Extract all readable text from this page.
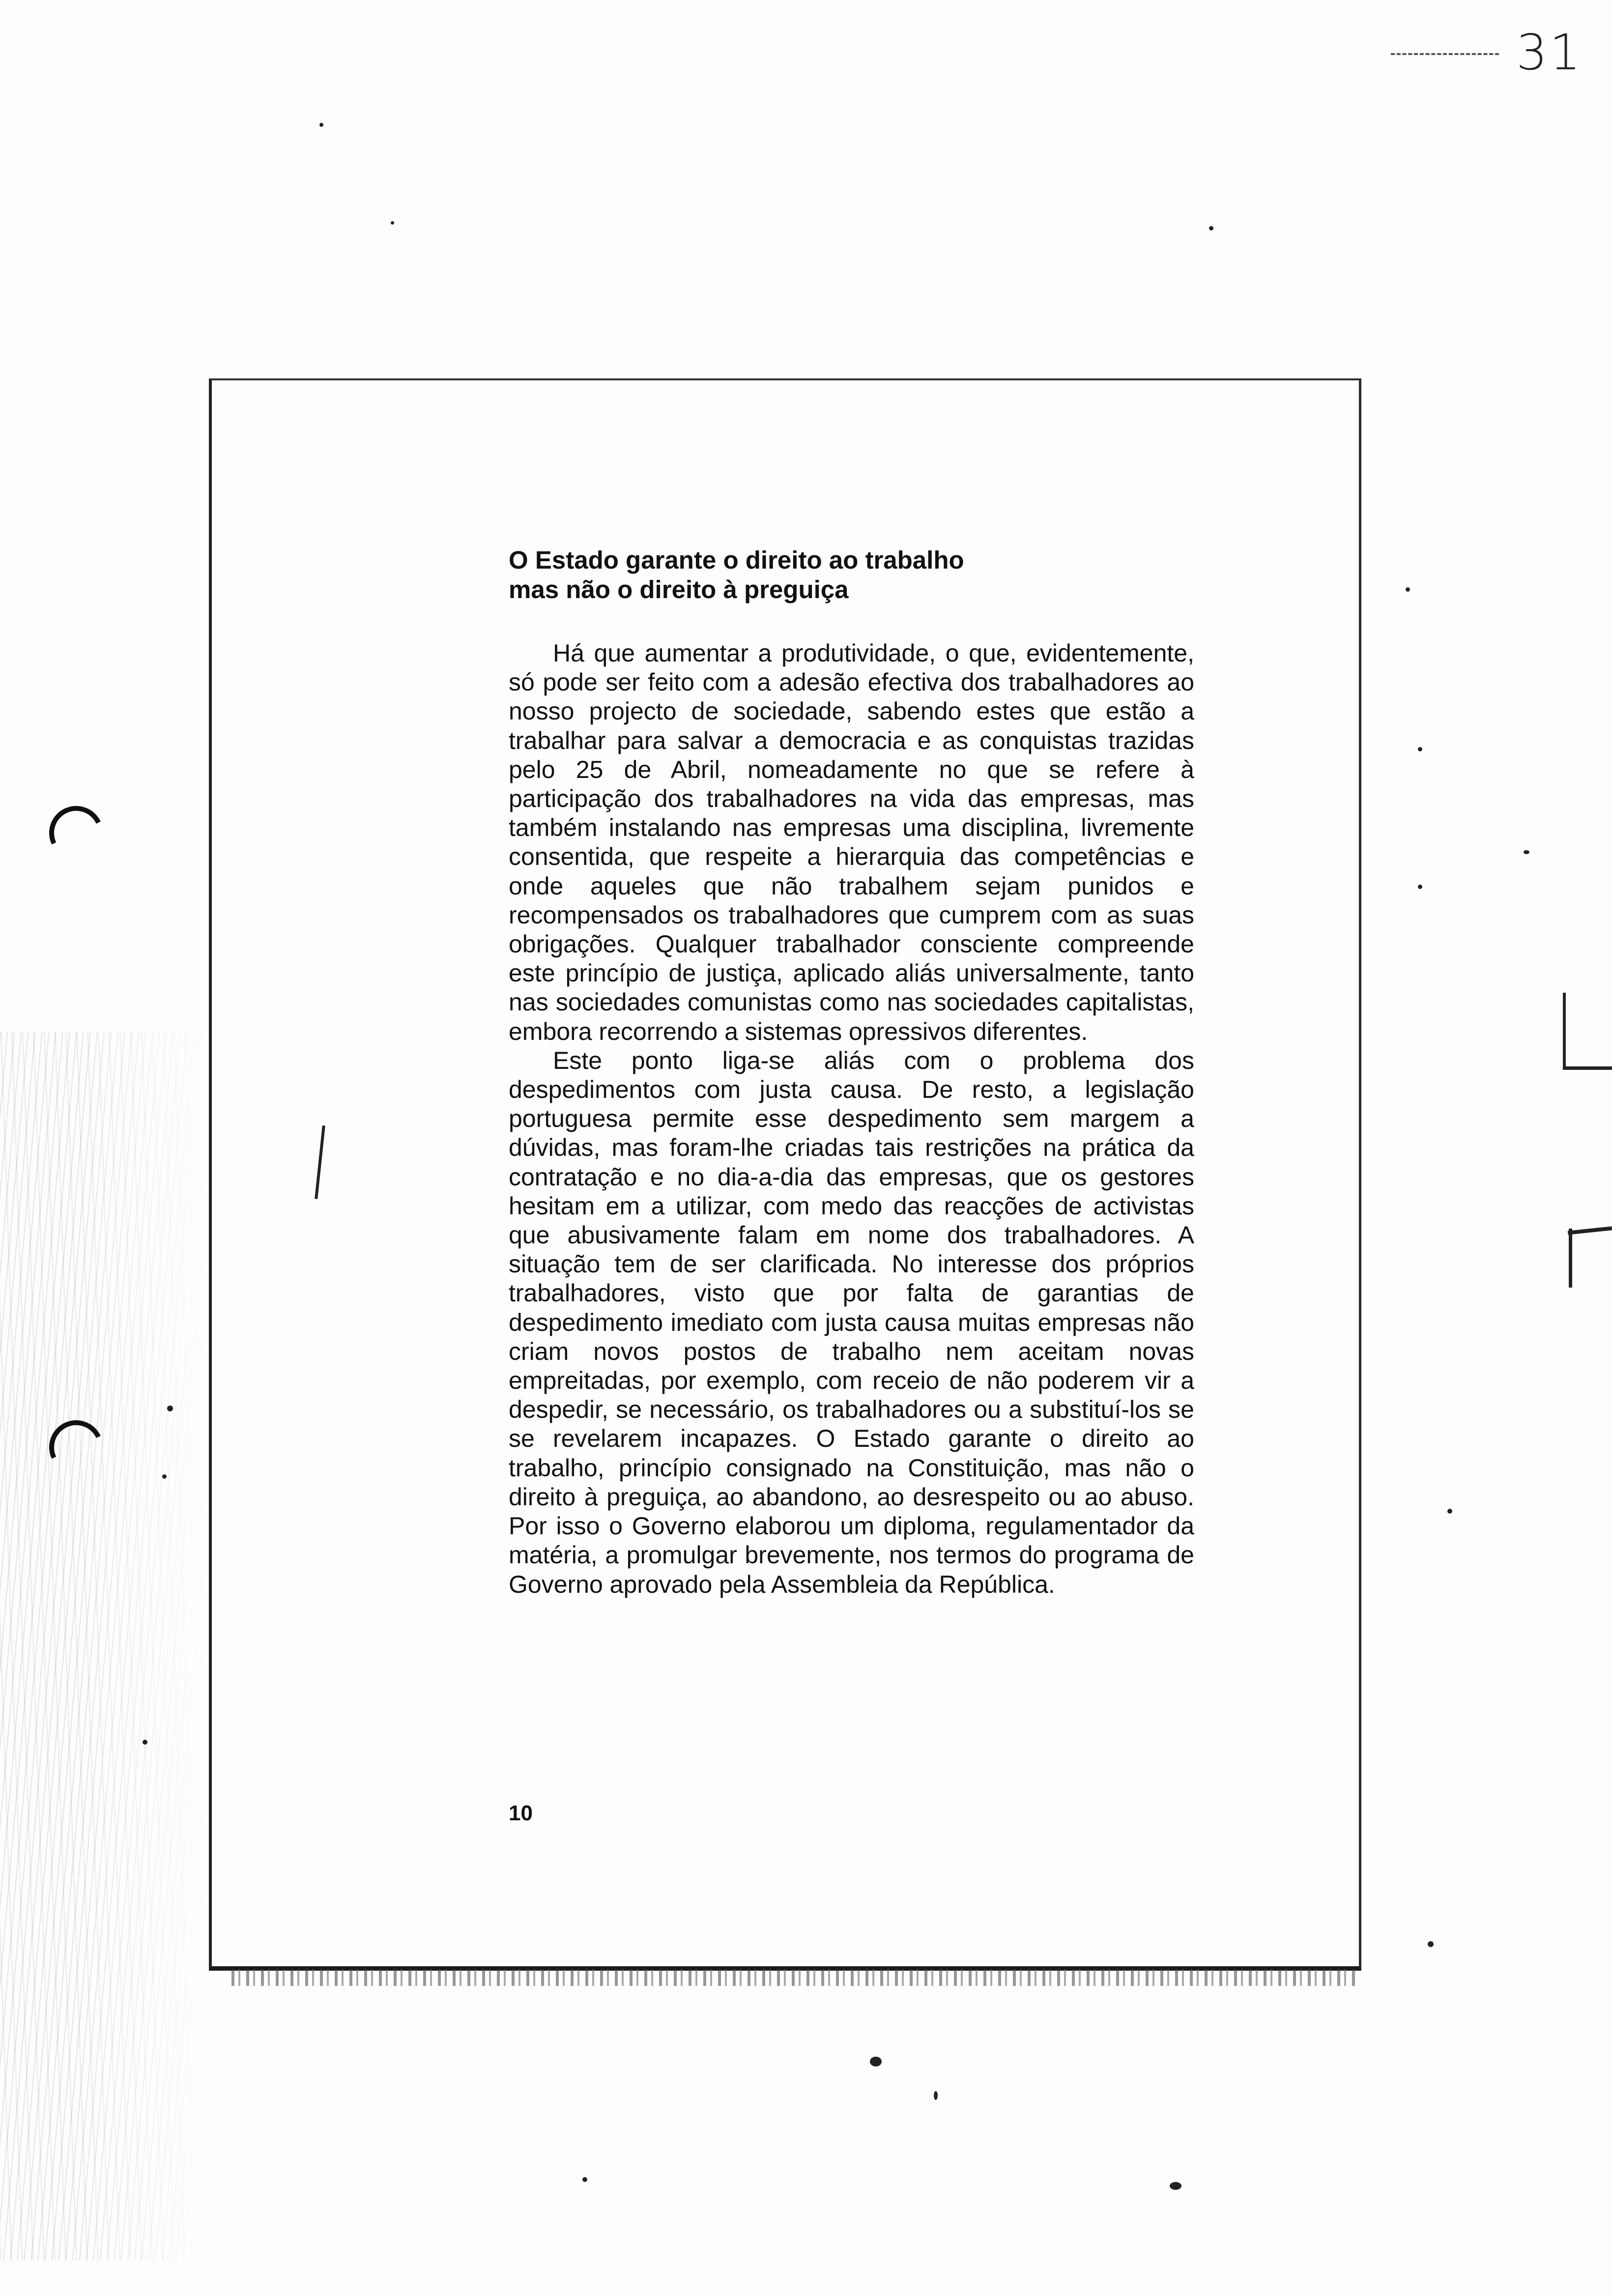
31
O Estado garante o direito ao trabalho
mas não o direito à preguiça

Há que aumentar a produtividade, o que, evidentemente, só pode ser feito com a adesão efectiva dos trabalhadores ao nosso projecto de sociedade, sabendo estes que estão a trabalhar para salvar a democracia e as conquistas trazidas pelo 25 de Abril, nomeadamente no que se refere à participação dos trabalhadores na vida das empresas, mas também instalando nas empresas uma disciplina, livremente consentida, que respeite a hierarquia das competências e onde aqueles que não trabalhem sejam punidos e recompensados os trabalhadores que cumprem com as suas obrigações. Qualquer trabalhador consciente compreende este princípio de justiça, aplicado aliás universalmente, tanto nas sociedades comunistas como nas sociedades capitalistas, embora recorrendo a sistemas opressivos diferentes.

Este ponto liga-se aliás com o problema dos despedimentos com justa causa. De resto, a legislação portuguesa permite esse despedimento sem margem a dúvidas, mas foram-lhe criadas tais restrições na prática da contratação e no dia-a-dia das empresas, que os gestores hesitam em a utilizar, com medo das reacções de activistas que abusivamente falam em nome dos trabalhadores. A situação tem de ser clarificada. No interesse dos próprios trabalhadores, visto que por falta de garantias de despedimento imediato com justa causa muitas empresas não criam novos postos de trabalho nem aceitam novas empreitadas, por exemplo, com receio de não poderem vir a despedir, se necessário, os trabalhadores ou a substituí-los se se revelarem incapazes. O Estado garante o direito ao trabalho, princípio consignado na Constituição, mas não o direito à preguiça, ao abandono, ao desrespeito ou ao abuso. Por isso o Governo elaborou um diploma, regulamentador da matéria, a promulgar brevemente, nos termos do programa de Governo aprovado pela Assembleia da República.

10
